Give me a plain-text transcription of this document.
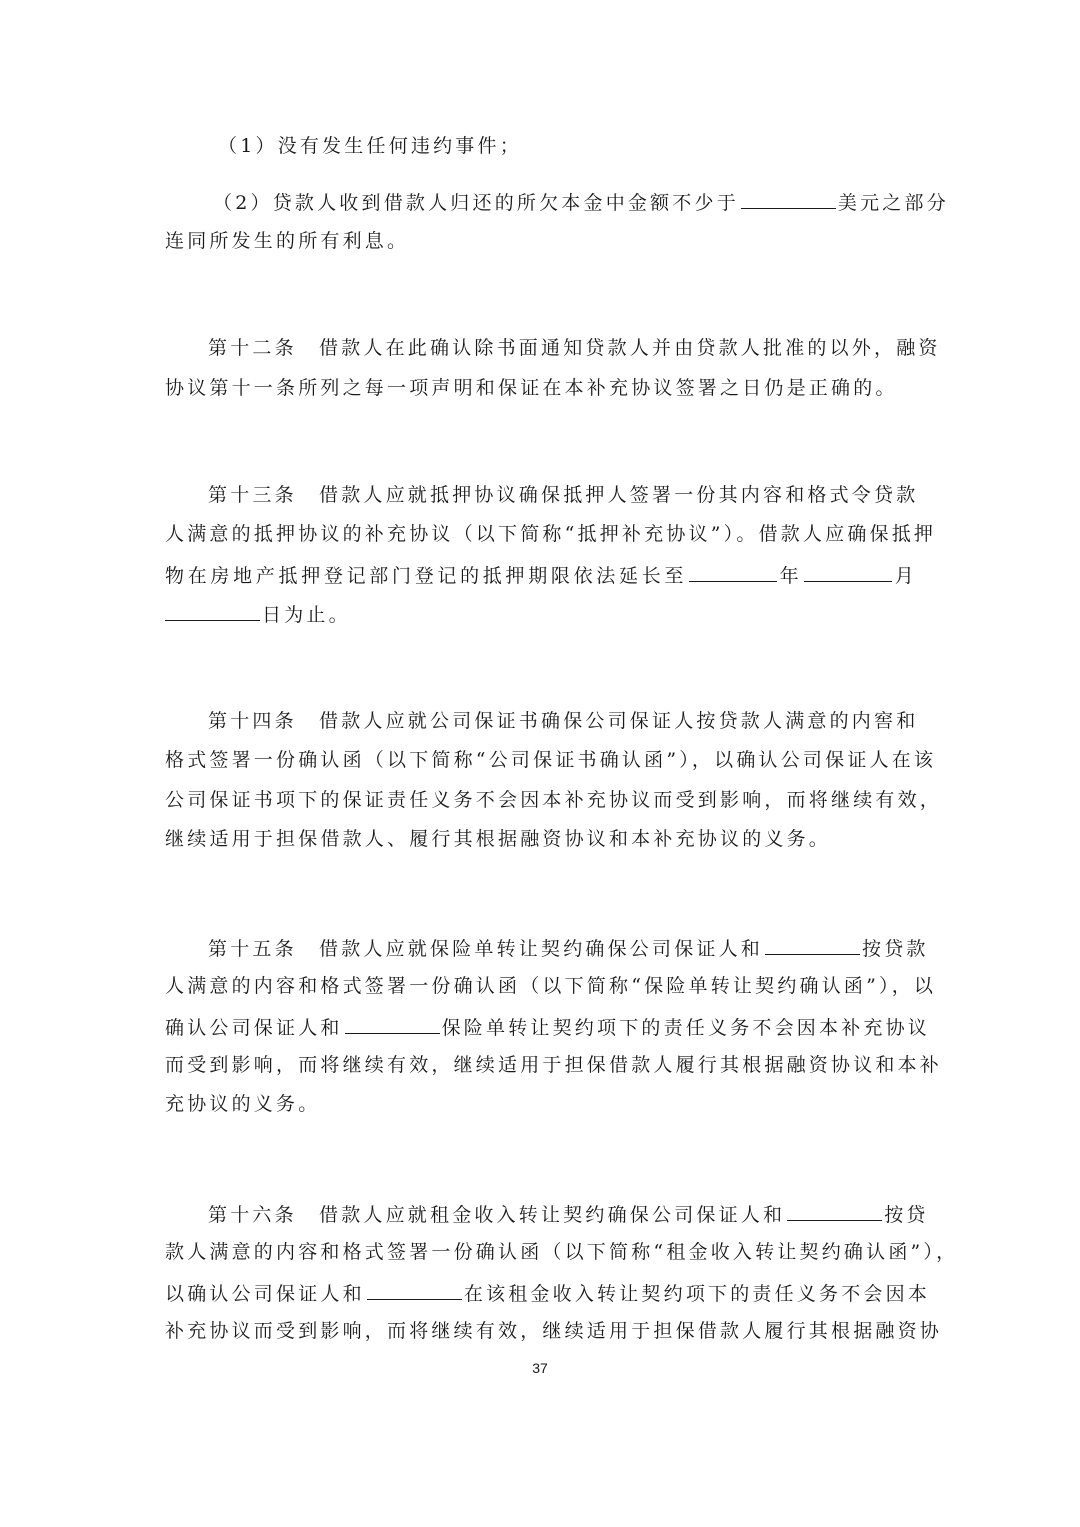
（1）没有发生任何违约事件；
（2）贷款人收到借款人归还的所欠本金中金额不少于	美元之部分
连同所发生的所有利息。
第十二条　借款人在此确认除书面通知贷款人并由贷款人批准的以外，融资
协议第十一条所列之每一项声明和保证在本补充协议签署之日仍是正确的。
第十三条　借款人应就抵押协议确保抵押人签署一份其内容和格式令贷款
人满意的抵押协议的补充协议（以下简称“抵押补充协议”）。借款人应确保抵押
物在房地产抵押登记部门登记的抵押期限依法延长至	年	月
日为止。
第十四条　借款人应就公司保证书确保公司保证人按贷款人满意的内窖和
格式签署一份确认函（以下简称“公司保证书确认函”），以确认公司保证人在该
公司保证书项下的保证责任义务不会因本补充协议而受到影响，而将继续有效，
继续适用于担保借款人、履行其根据融资协议和本补充协议的义务。
第十五条　借款人应就保险单转让契约确保公司保证人和	按贷款
人满意的内容和格式签署一份确认函（以下简称“保险单转让契约确认函”），以
确认公司保证人和	保险单转让契约项下的责任义务不会因本补充协议
而受到影响，而将继续有效，继续适用于担保借款人履行其根据融资协议和本补
充协议的义务。
第十六条　借款人应就租金收入转让契约确保公司保证人和	按贷
款人满意的内容和格式签署一份确认函（以下简称“租金收入转让契约确认函”），
以确认公司保证人和	在该租金收入转让契约项下的责任义务不会因本
补充协议而受到影响，而将继续有效，继续适用于担保借款人履行其根据融资协
37
